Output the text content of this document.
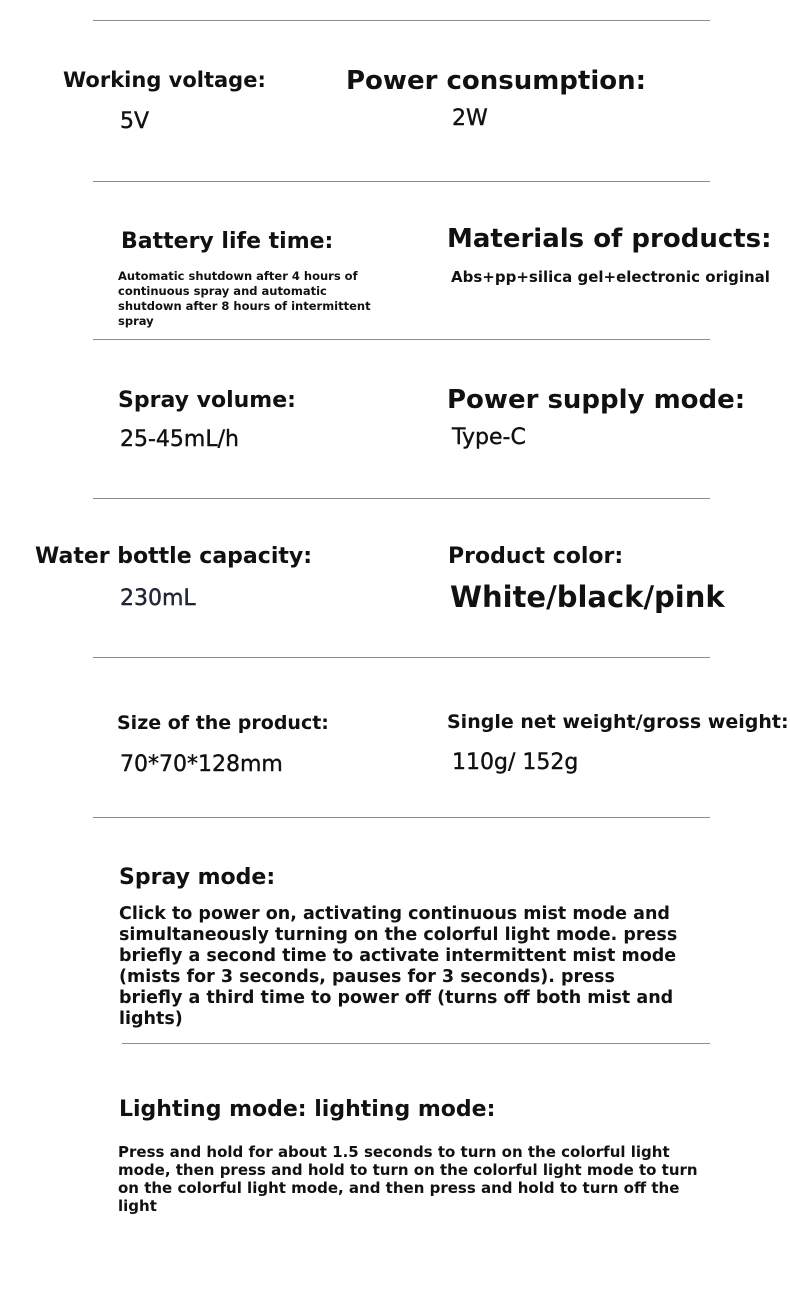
Working voltage:
5V
Power consumption:
2W
Battery life time:
Automatic shutdown after 4 hours of continuous spray and automatic shutdown after 8 hours of intermittent spray
Materials of products:
Abs+pp+silica gel+electronic original
Spray volume:
25-45mL/h
Power supply mode:
Type-C
Water bottle capacity:
230mL
Product color:
White/black/pink
Size of the product:
70*70*128mm
Single net weight/gross weight:
110g/ 152g
Spray mode:
Click to power on, activating continuous mist mode and simultaneously turning on the colorful light mode. press briefly a second time to activate intermittent mist mode (mists for 3 seconds, pauses for 3 seconds). press briefly a third time to power off (turns off both mist and lights)
Lighting mode: lighting mode:
Press and hold for about 1.5 seconds to turn on the colorful light mode, then press and hold to turn on the colorful light mode to turn on the colorful light mode, and then press and hold to turn off the light
